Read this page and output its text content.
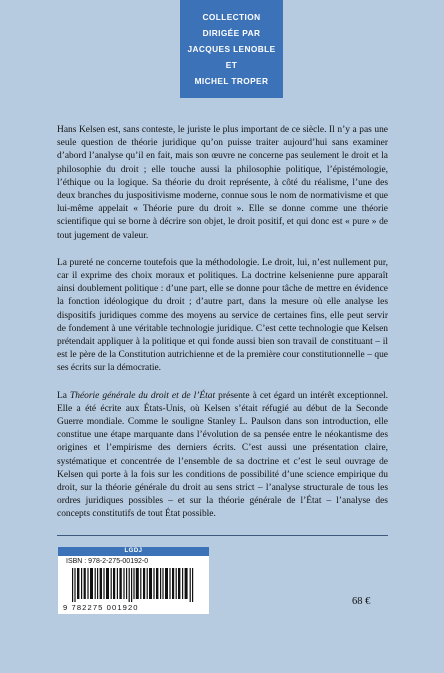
COLLECTION
DIRIGÉE PAR
JACQUES LENOBLE
ET
MICHEL TROPER

Hans Kelsen est, sans conteste, le juriste le plus important de ce siècle. Il n’y a pas une seule question de théorie juridique qu’on puisse traiter aujourd’hui sans examiner d’abord l’analyse qu’il en fait, mais son œuvre ne concerne pas seulement le droit et la philosophie du droit ; elle touche aussi la philosophie politique, l’épistémologie, l’éthique ou la logique. Sa théorie du droit représente, à côté du réalisme, l’une des deux branches du juspositivisme moderne, connue sous le nom de normativisme et que lui-même appelait « Théorie pure du droit ». Elle se donne comme une théorie scientifique qui se borne à décrire son objet, le droit positif, et qui donc est « pure » de tout jugement de valeur.

La pureté ne concerne toutefois que la méthodologie. Le droit, lui, n’est nullement pur, car il exprime des choix moraux et politiques. La doctrine kelsenienne pure apparaît ainsi doublement politique : d’une part, elle se donne pour tâche de mettre en évidence la fonction idéologique du droit ; d’autre part, dans la mesure où elle analyse les dispositifs juridiques comme des moyens au service de certaines fins, elle peut servir de fondement à une véritable technologie juridique. C’est cette technologie que Kelsen prétendait appliquer à la politique et qui fonde aussi bien son travail de constituant – il est le père de la Constitution autrichienne et de la première cour constitutionnelle – que ses écrits sur la démocratie.

La Théorie générale du droit et de l’État présente à cet égard un intérêt exceptionnel. Elle a été écrite aux États-Unis, où Kelsen s’était réfugié au début de la Seconde Guerre mondiale. Comme le souligne Stanley L. Paulson dans son introduction, elle constitue une étape marquante dans l’évolution de sa pensée entre le néokantisme des origines et l’empirisme des derniers écrits. C’est aussi une présentation claire, systématique et concentrée de l’ensemble de sa doctrine et c’est le seul ouvrage de Kelsen qui porte à la fois sur les conditions de possibilité d’une science empirique du droit, sur la théorie générale du droit au sens strict – l’analyse structurale de tous les ordres juridiques possibles – et sur la théorie générale de l’État – l’analyse des concepts constitutifs de tout État possible.

LGDJ
ISBN : 978-2-275-00192-0
9 782275 001920
68 €
